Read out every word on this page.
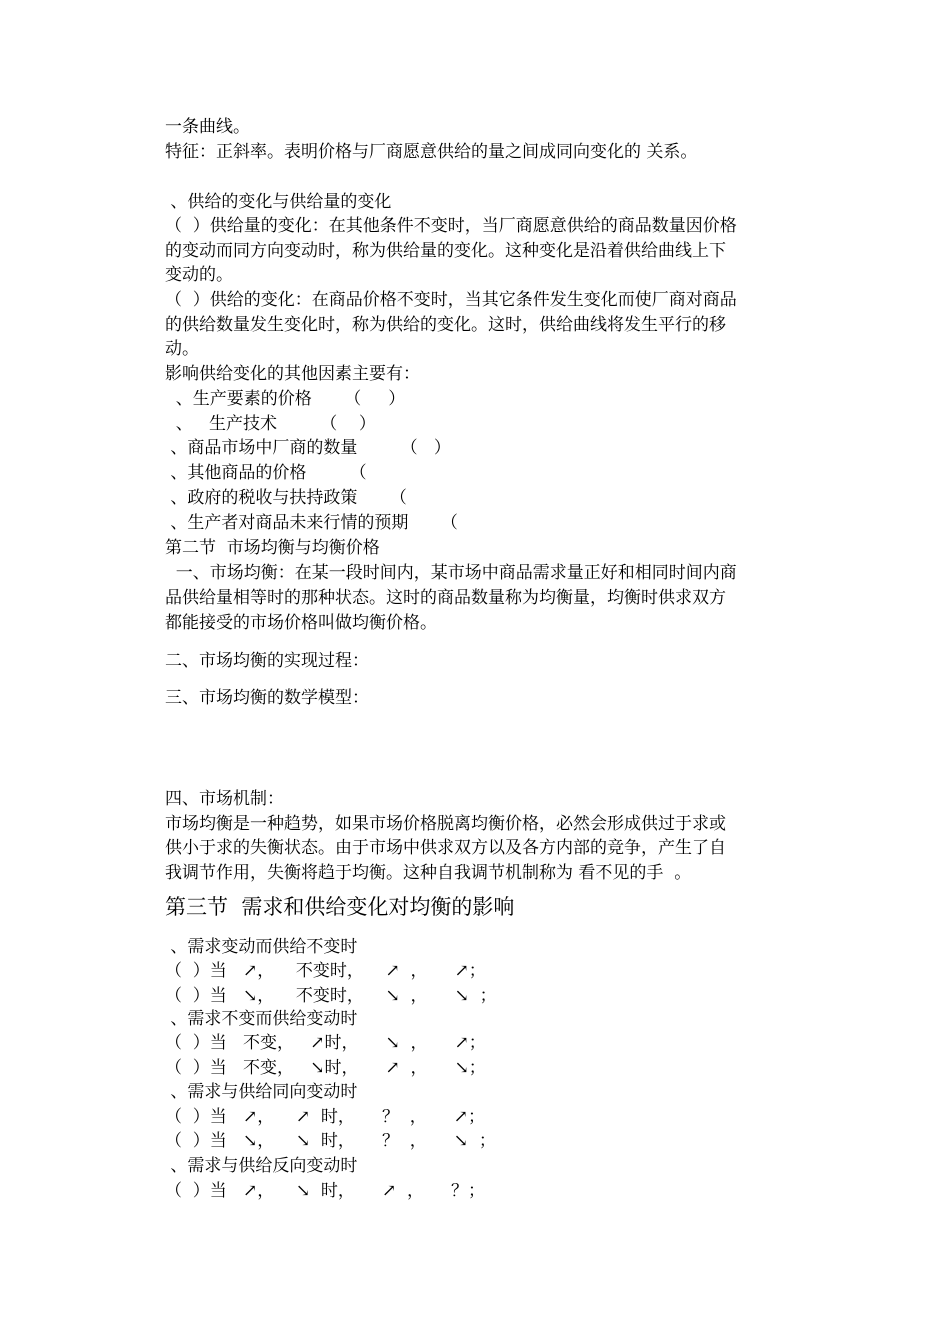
一条曲线。
特征：正斜率。表明价格与厂商愿意供给的量之间成同向变化的 关系。
、供给的变化与供给量的变化
（  ）供给量的变化：在其他条件不变时，当厂商愿意供给的商品数量因价格
的变动而同方向变动时，称为供给量的变化。这种变化是沿着供给曲线上下
变动的。
（  ）供给的变化：在商品价格不变时，当其它条件发生变化而使厂商对商品
的供给数量发生变化时，称为供给的变化。这时，供给曲线将发生平行的移
动。
影响供给变化的其他因素主要有：
、生产要素的价格      （     ）
、   生产技术        （    ）
、商品市场中厂商的数量        （   ）
、其他商品的价格        （
、政府的税收与扶持政策      （
、生产者对商品未来行情的预期      （
第二节  市场均衡与均衡价格
一、市场均衡：在某一段时间内，某市场中商品需求量正好和相同时间内商
品供给量相等时的那种状态。这时的商品数量称为均衡量，均衡时供求双方
都能接受的市场价格叫做均衡价格。
二、市场均衡的实现过程：
三、市场均衡的数学模型：
四、市场机制：
市场均衡是一种趋势，如果市场价格脱离均衡价格，必然会形成供过于求或
供小于求的失衡状态。由于市场中供求双方以及各方内部的竞争，产生了自
我调节作用，失衡将趋于均衡。这种自我调节机制称为 看不见的手  。
第三节  需求和供给变化对均衡的影响
、需求变动而供给不变时
（  ）当   ↗，    不变时，    ↗  ，     ↗；
（  ）当   ↘，    不变时，    ↘  ，     ↘  ；
、需求不变而供给变动时
（  ）当   不变，   ↗时，     ↘  ，     ↗；
（  ）当   不变，   ↘时，     ↗  ，     ↘；
、需求与供给同向变动时
（  ）当   ↗，    ↗  时，     ？  ，     ↗；
（  ）当   ↘，    ↘  时，     ？  ，     ↘  ；
、需求与供给反向变动时
（  ）当   ↗，    ↘  时，     ↗  ，     ？；
